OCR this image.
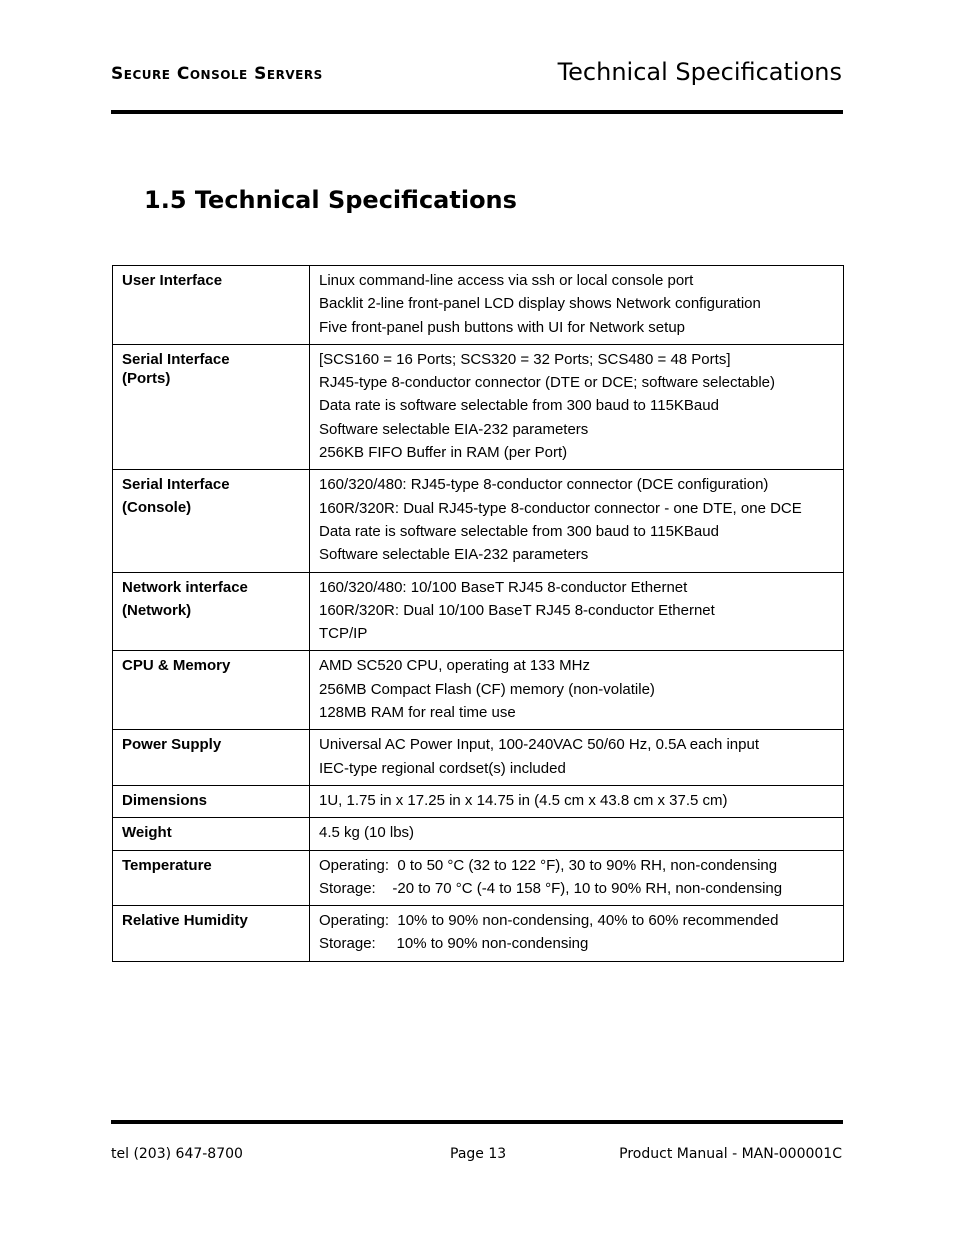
Secure Console Servers	Technical Specifications
1.5 Technical Specifications
User Interface	Linux command-line access via ssh or local console port
Backlit 2-line front-panel LCD display shows Network configuration
Five front-panel push buttons with UI for Network setup

Serial Interface
(Ports)	[SCS160 = 16 Ports; SCS320 = 32 Ports; SCS480 = 48 Ports]
RJ45-type 8-conductor connector (DTE or DCE; software selectable)
Data rate is software selectable from 300 baud to 115KBaud
Software selectable EIA-232 parameters
256KB FIFO Buffer in RAM (per Port)

Serial Interface
(Console)	160/320/480: RJ45-type 8-conductor connector (DCE configuration)
160R/320R: Dual RJ45-type 8-conductor connector - one DTE, one DCE
Data rate is software selectable from 300 baud to 115KBaud
Software selectable EIA-232 parameters

Network interface
(Network)	160/320/480: 10/100 BaseT RJ45 8-conductor Ethernet
160R/320R: Dual 10/100 BaseT RJ45 8-conductor Ethernet
TCP/IP

CPU & Memory	AMD SC520 CPU, operating at 133 MHz
256MB Compact Flash (CF) memory (non-volatile)
128MB RAM for real time use

Power Supply	Universal AC Power Input, 100-240VAC 50/60 Hz, 0.5A each input
IEC-type regional cordset(s) included

Dimensions	1U, 1.75 in x 17.25 in x 14.75 in (4.5 cm x 43.8 cm x 37.5 cm)

Weight	4.5 kg (10 lbs)

Temperature	Operating:  0 to 50 °C (32 to 122 °F), 30 to 90% RH, non-condensing
Storage:    -20 to 70 °C (-4 to 158 °F), 10 to 90% RH, non-condensing

Relative Humidity	Operating:  10% to 90% non-condensing, 40% to 60% recommended
Storage:     10% to 90% non-condensing
tel (203) 647-8700	Page 13	Product Manual - MAN-000001C
